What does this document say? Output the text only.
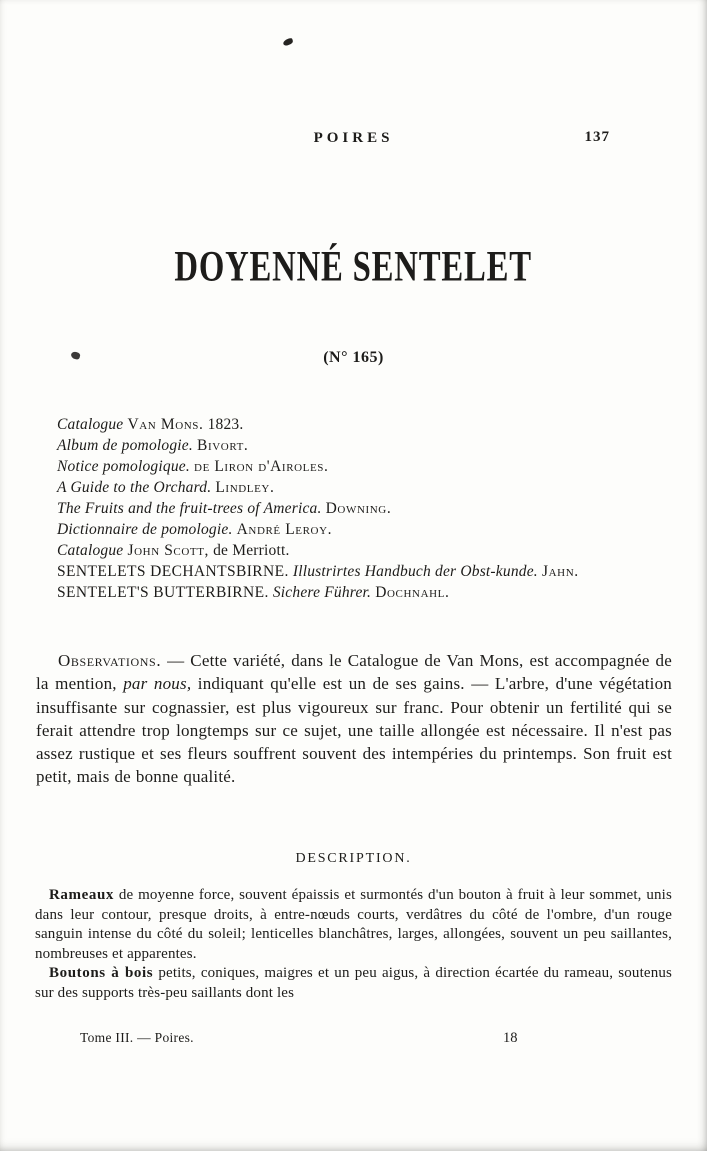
POIRES	137
DOYENNÉ SENTELET
(N° 165)

Catalogue Van Mons. 1823.

Album de pomologie. Bivort.

Notice pomologique. de Liron d'Airoles.

A Guide to the Orchard. Lindley.

The Fruits and the fruit-trees of America. Downing.

Dictionnaire de pomologie. André Leroy.

Catalogue John Scott, de Merriott.

SENTELETS DECHANTSBIRNE. Illustrirtes Handbuch der Obst-kunde. Jahn.

SENTELET'S BUTTERBIRNE. Sichere Führer. Dochnahl.

Observations. — Cette variété, dans le Catalogue de Van Mons, est accompagnée de la mention, par nous, indiquant qu'elle est un de ses gains. — L'arbre, d'une végétation insuffisante sur cognassier, est plus vigoureux sur franc. Pour obtenir un fertilité qui se ferait attendre trop longtemps sur ce sujet, une taille allongée est nécessaire. Il n'est pas assez rustique et ses fleurs souffrent souvent des intempéries du printemps. Son fruit est petit, mais de bonne qualité.

DESCRIPTION.

Rameaux de moyenne force, souvent épaissis et surmontés d'un bouton à fruit à leur sommet, unis dans leur contour, presque droits, à entre-nœuds courts, verdâtres du côté de l'ombre, d'un rouge sanguin intense du côté du soleil; lenticelles blanchâtres, larges, allongées, souvent un peu saillantes, nombreuses et apparentes.

Boutons à bois petits, coniques, maigres et un peu aigus, à direction écartée du rameau, soutenus sur des supports très-peu saillants dont les

Tome III. — Poires.	18
